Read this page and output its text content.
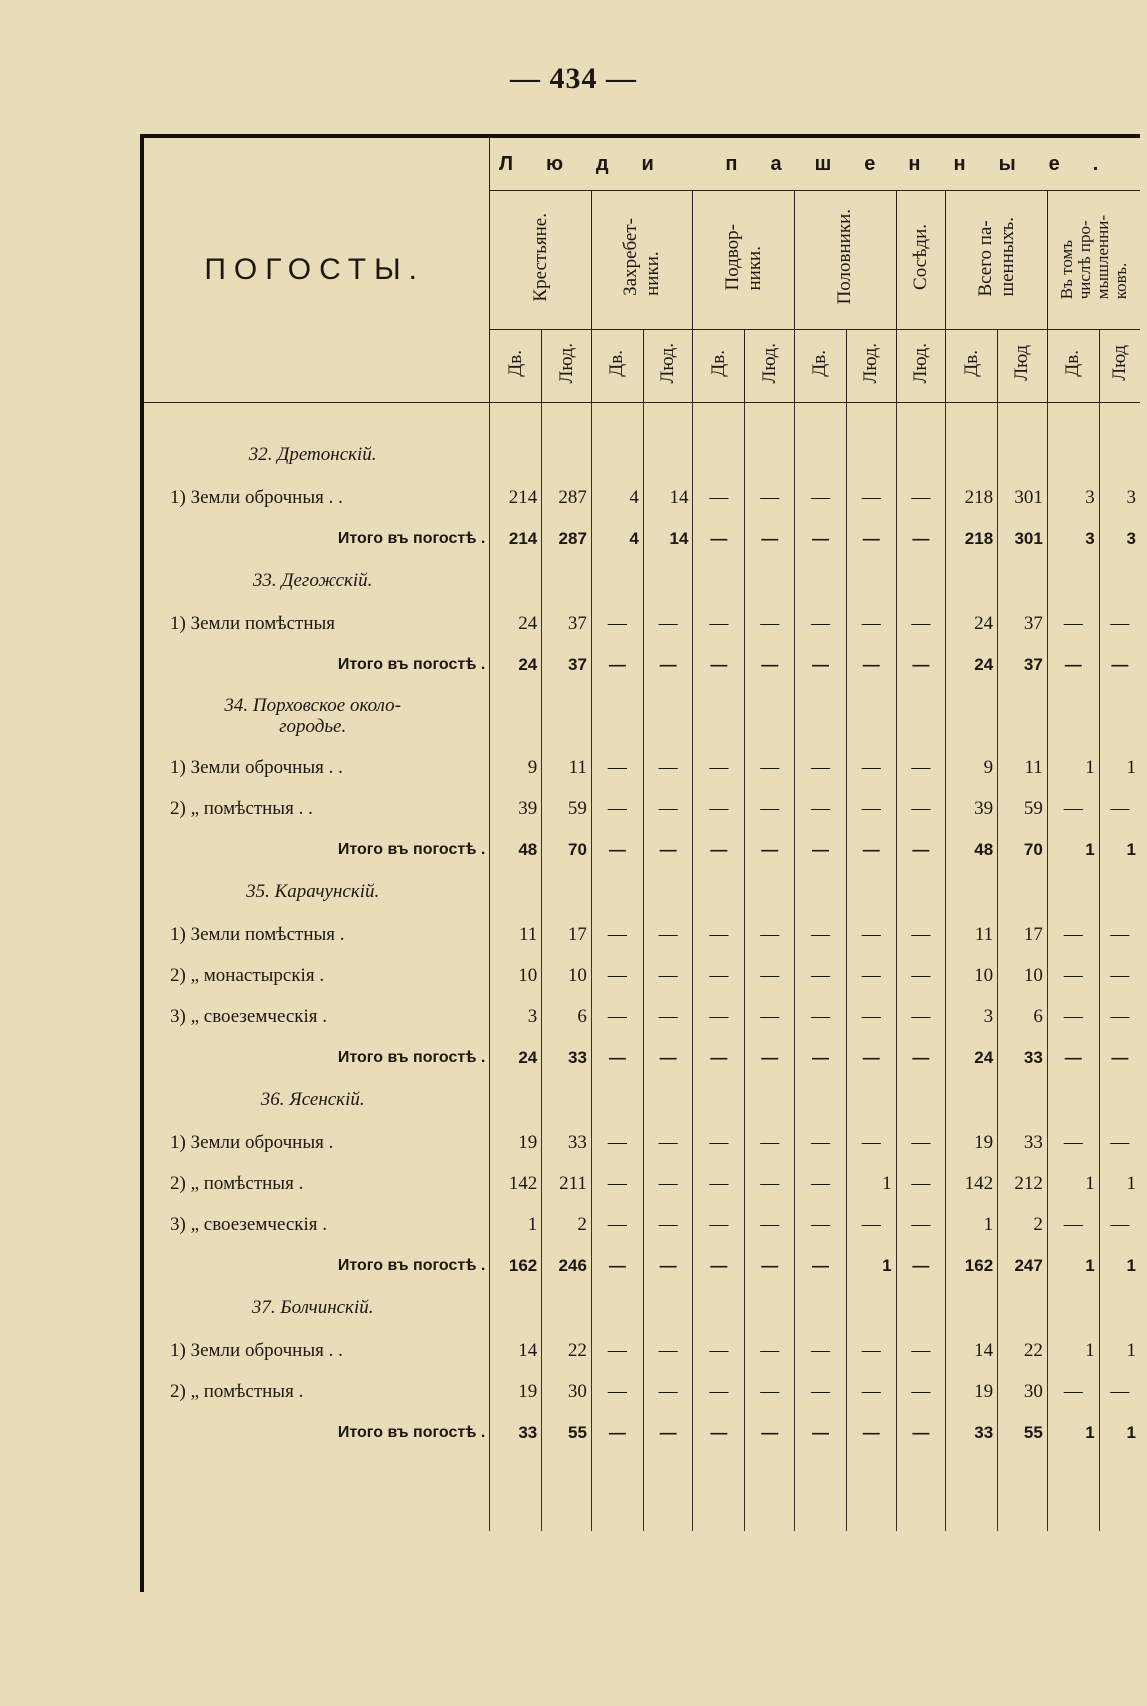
— 434 —
ПОГОСТЫ.	Люди пашенные.												
	Крестьяне.		Захребет-
ники.		Подвор-
ники.		Половники.		Сосѣди.	Всего па-
шенныхъ.		Въ томъ
числѣ про-
мышленни-
ковъ.	
	Дв.	Люд.	Дв.	Люд.	Дв.	Люд.	Дв.	Люд.	Люд.	Дв.	Люд	Дв.	Люд

32. Дретонскій.													
1) Земли оброчныя . .	214	287	4	14	—	—	—	—	—	218	301	3	3
Итого въ погостѣ .	214	287	4	14	—	—	—	—	—	218	301	3	3
33. Дегожскій.													
1) Земли помѣстныя	24	37	—	—	—	—	—	—	—	24	37	—	—
Итого въ погостѣ .	24	37	—	—	—	—	—	—	—	24	37	—	—
34. Порховское около-
городье.													
1) Земли оброчныя . .	9	11	—	—	—	—	—	—	—	9	11	1	1
2) „ помѣстныя . .	39	59	—	—	—	—	—	—	—	39	59	—	—
Итого въ погостѣ .	48	70	—	—	—	—	—	—	—	48	70	1	1
35. Карачунскій.													
1) Земли помѣстныя .	11	17	—	—	—	—	—	—	—	11	17	—	—
2) „ монастырскія .	10	10	—	—	—	—	—	—	—	10	10	—	—
3) „ своеземческія .	3	6	—	—	—	—	—	—	—	3	6	—	—
Итого въ погостѣ .	24	33	—	—	—	—	—	—	—	24	33	—	—
36. Ясенскій.													
1) Земли оброчныя .	19	33	—	—	—	—	—	—	—	19	33	—	—
2) „ помѣстныя .	142	211	—	—	—	—	—	1	—	142	212	1	1
3) „ своеземческія .	1	2	—	—	—	—	—	—	—	1	2	—	—
Итого въ погостѣ .	162	246	—	—	—	—	—	1	—	162	247	1	1
37. Болчинскій.													
1) Земли оброчныя . .	14	22	—	—	—	—	—	—	—	14	22	1	1
2) „ помѣстныя .	19	30	—	—	—	—	—	—	—	19	30	—	—
Итого въ погостѣ .	33	55	—	—	—	—	—	—	—	33	55	1	1
